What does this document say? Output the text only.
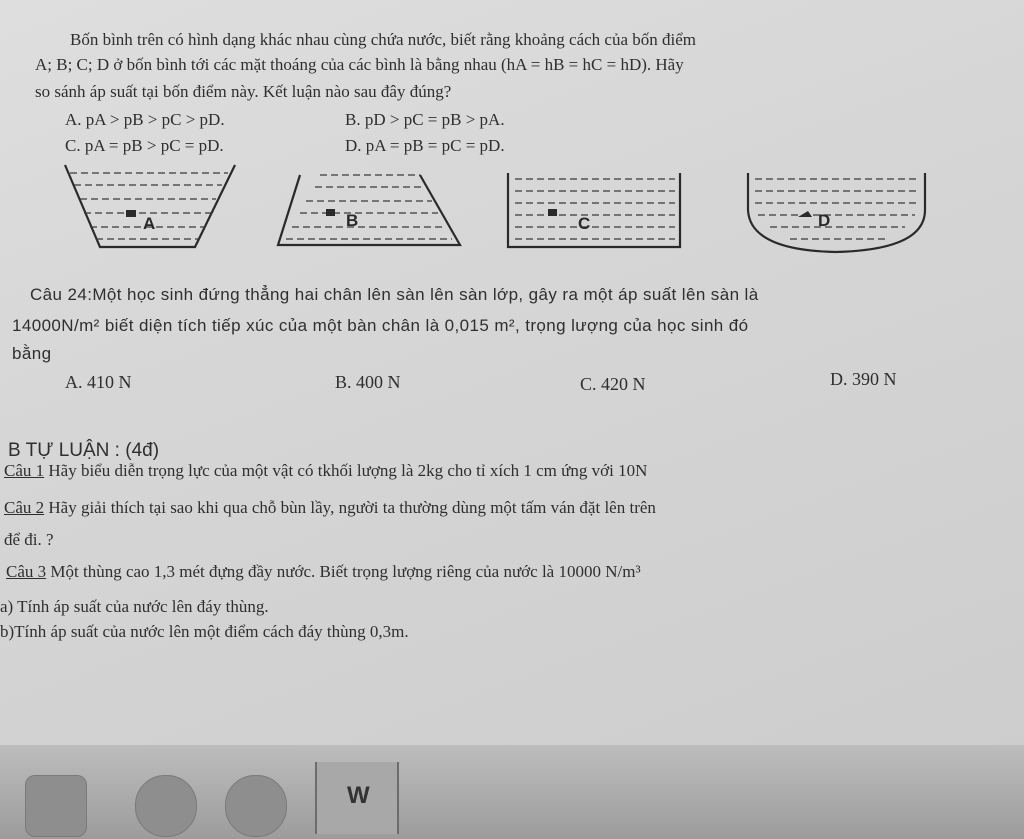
Bốn bình trên có hình dạng khác nhau cùng chứa nước, biết rằng khoảng cách của bốn điểm
A; B; C; D ở bốn bình tới các mặt thoáng của các bình là bằng nhau (hA = hB = hC = hD). Hãy
so sánh áp suất tại bốn điểm này. Kết luận nào sau đây đúng?
A. pA > pB > pC > pD.	B. pD > pC = pB > pA.
C. pA = pB > pC = pD.	D. pA = pB = pC = pD.
A	B	C	D
Câu 24:Một học sinh đứng thẳng hai chân lên sàn lên sàn lớp, gây ra một áp suất lên sàn là
14000N/m² biết diện tích tiếp xúc của một bàn chân là 0,015 m², trọng lượng của học sinh đó
bằng
A. 410 N	B. 400 N	C. 420 N	D. 390 N
B TỰ LUẬN : (4đ)
Câu 1 Hãy biểu diễn trọng lực của một vật có tkhối lượng là 2kg cho tỉ xích 1 cm ứng với 10N
Câu 2 Hãy giải thích tại sao khi qua chỗ bùn lầy, người ta thường dùng một tấm ván đặt lên trên
để đi. ?
Câu 3 Một thùng cao 1,3 mét đựng đầy nước. Biết trọng lượng riêng của nước là 10000 N/m³
a) Tính áp suất của nước lên đáy thùng.
b)Tính áp suất của nước lên một điểm cách đáy thùng 0,3m.
W
